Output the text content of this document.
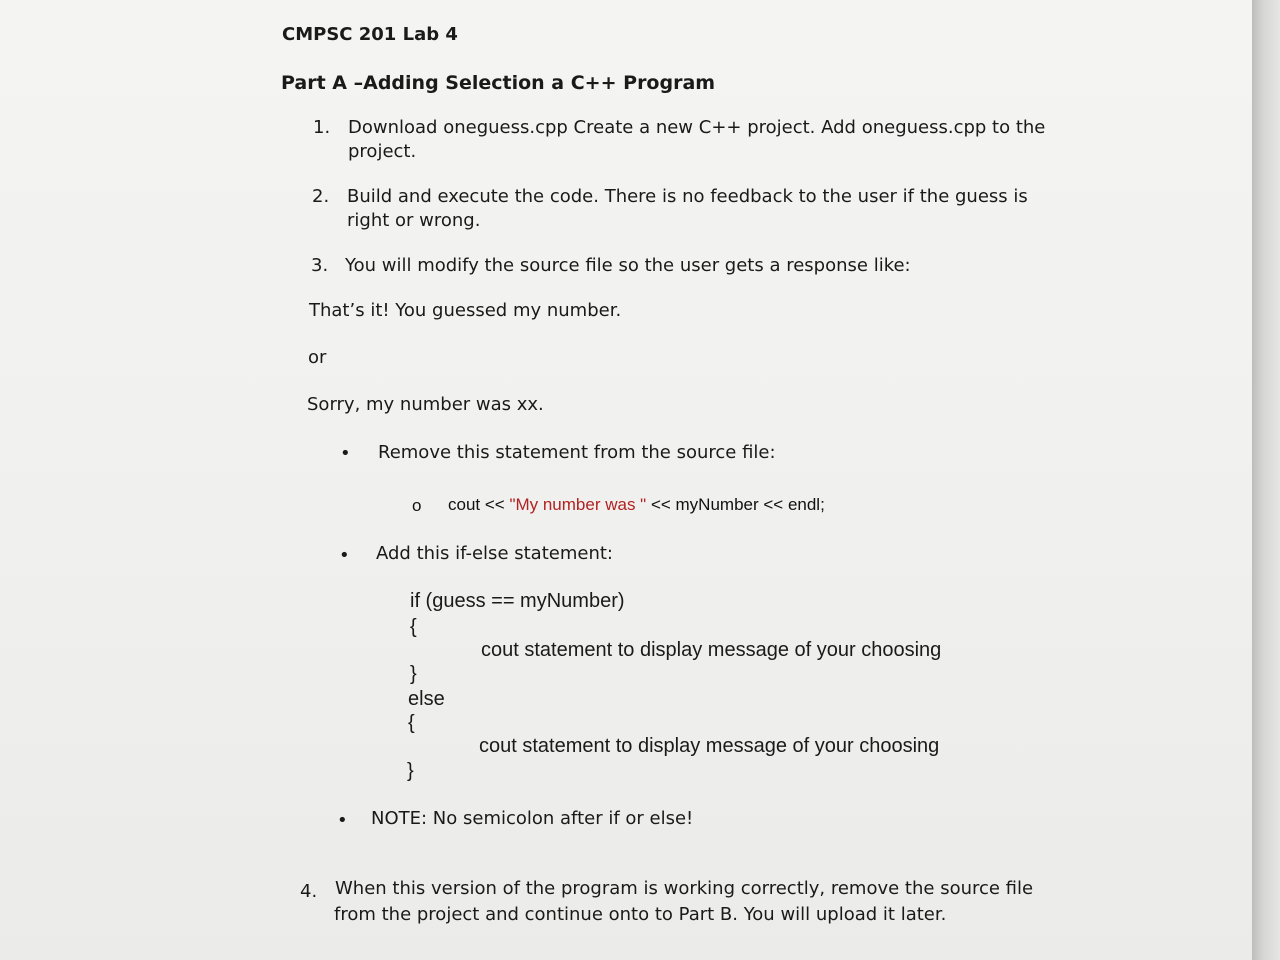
CMPSC 201 Lab 4
Part A –Adding Selection a C++ Program
1. Download oneguess.cpp Create a new C++ project. Add oneguess.cpp to the
project.
2. Build and execute the code. There is no feedback to the user if the guess is
right or wrong.
3. You will modify the source file so the user gets a response like:
That’s it! You guessed my number.
or
Sorry, my number was xx.
• Remove this statement from the source file:
o cout << "My number was " << myNumber << endl;
• Add this if-else statement:
if (guess == myNumber)
{
cout statement to display message of your choosing
}
else
{
cout statement to display message of your choosing
}
• NOTE: No semicolon after if or else!
4. When this version of the program is working correctly, remove the source file
from the project and continue onto to Part B. You will upload it later.
